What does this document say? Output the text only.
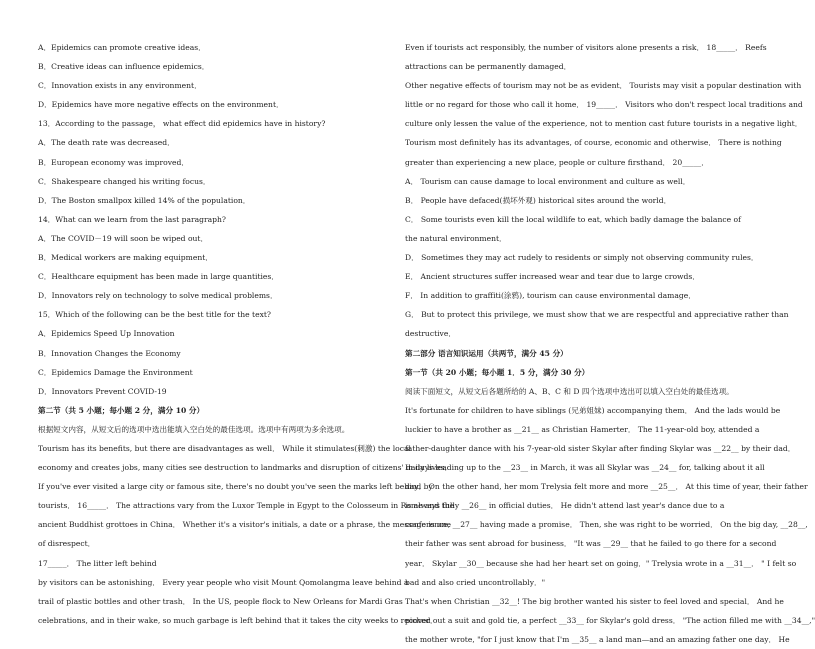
A．Epidemics can promote creative ideas．
B．Creative ideas can influence epidemics．
C．Innovation exists in any environment．
D．Epidemics have more negative effects on the environment．
13．According to the passage， what effect did epidemics have in history?
A．The death rate was decreased．
B．European economy was improved．
C．Shakespeare changed his writing focus．
D．The Boston smallpox killed 14% of the population．
14．What can we learn from the last paragraph?
A．The COVID－19 will soon be wiped out．
B．Medical workers are making equipment．
C．Healthcare equipment has been made in large quantities．
D．Innovators rely on technology to solve medical problems．
15．Which of the following can be the best title for the text?
A．Epidemics Speed Up Innovation
B．Innovation Changes the Economy
C．Epidemics Damage the Environment
D．Innovators Prevent COVID-19
第二节（共 5 小题；每小题 2 分，满分 10 分）
根据短文内容，从短文后的选项中选出能填入空白处的最佳选项。选项中有两项为多余选项。
Tourism has its benefits, but there are disadvantages as well． While it stimulates(刺激) the local
economy and creates jobs, many cities see destruction to landmarks and disruption of citizens' daily lives．
If you've ever visited a large city or famous site, there's no doubt you've seen the marks left behind by
tourists． 16_____． The attractions vary from the Luxor Temple in Egypt to the Colosseum in Rome and the
ancient Buddhist grottoes in China． Whether it's a visitor's initials, a date or a phrase, the message is one
of disrespect．
17_____． The litter left behind
by visitors can be astonishing． Every year people who visit Mount Qomolangma leave behind a
trail of plastic bottles and other trash． In the US, people flock to New Orleans for Mardi Gras
celebrations, and in their wake, so much garbage is left behind that it takes the city weeks to recover．
Even if tourists act responsibly, the number of visitors alone presents a risk． 18_____． Reefs
attractions can be permanently damaged．
Other negative effects of tourism may not be as evident． Tourists may visit a popular destination with
little or no regard for those who call it home． 19_____． Visitors who don't respect local traditions and
culture only lessen the value of the experience, not to mention cast future tourists in a negative light．
Tourism most definitely has its advantages, of course, economic and otherwise． There is nothing
greater than experiencing a new place, people or culture firsthand． 20_____．
A． Tourism can cause damage to local environment and culture as well．
B． People have defaced(损坏外观) historical sites around the world．
C． Some tourists even kill the local wildlife to eat, which badly damage the balance of
the natural environment．
D． Sometimes they may act rudely to residents or simply not observing community rules．
E． Ancient structures suffer increased wear and tear due to large crowds．
F． In addition to graffiti(涂鸦), tourism can cause environmental damage．
G． But to protect this privilege, we must show that we are respectful and appreciative rather than
destructive．
第二部分 语言知识运用（共两节，满分 45 分）
第一节（共 20 小题；每小题 1．5 分，满分 30 分）
阅读下面短文，从短文后各题所给的 A、B、C 和 D 四个选项中选出可以填入空白处的最佳选项。
It's fortunate for children to have siblings (兄弟姐妹) accompanying them． And the lads would be
luckier to have a brother as __21__ as Christian Hamerter． The 11-year-old boy, attended a
father-daughter dance with his 7-year-old sister Skylar after finding Skylar was __22__ by their dad．
In days leading up to the __23__ in March, it was all Skylar was __24__ for, talking about it all
day． On the other hand, her mom Trelysia felt more and more __25__． At this time of year, their father
is always fully __26__ in official duties． He didn't attend last year's dance due to a
conference, __27__ having made a promise． Then, she was right to be worried． On the big day, __28__,
their father was sent abroad for business． "It was __29__ that he failed to go there for a second
year． Skylar __30__ because she had her heart set on going．" Trelysia wrote in a __31__． " I felt so
bad and also cried uncontrollably．"
That's when Christian __32__! The big brother wanted his sister to feel loved and special． And he
picked out a suit and gold tie, a perfect __33__ for Skylar's gold dress． "The action filled me with __34__,"
the mother wrote, "for I just know that I'm __35__ a land man—and an amazing father one day． He
